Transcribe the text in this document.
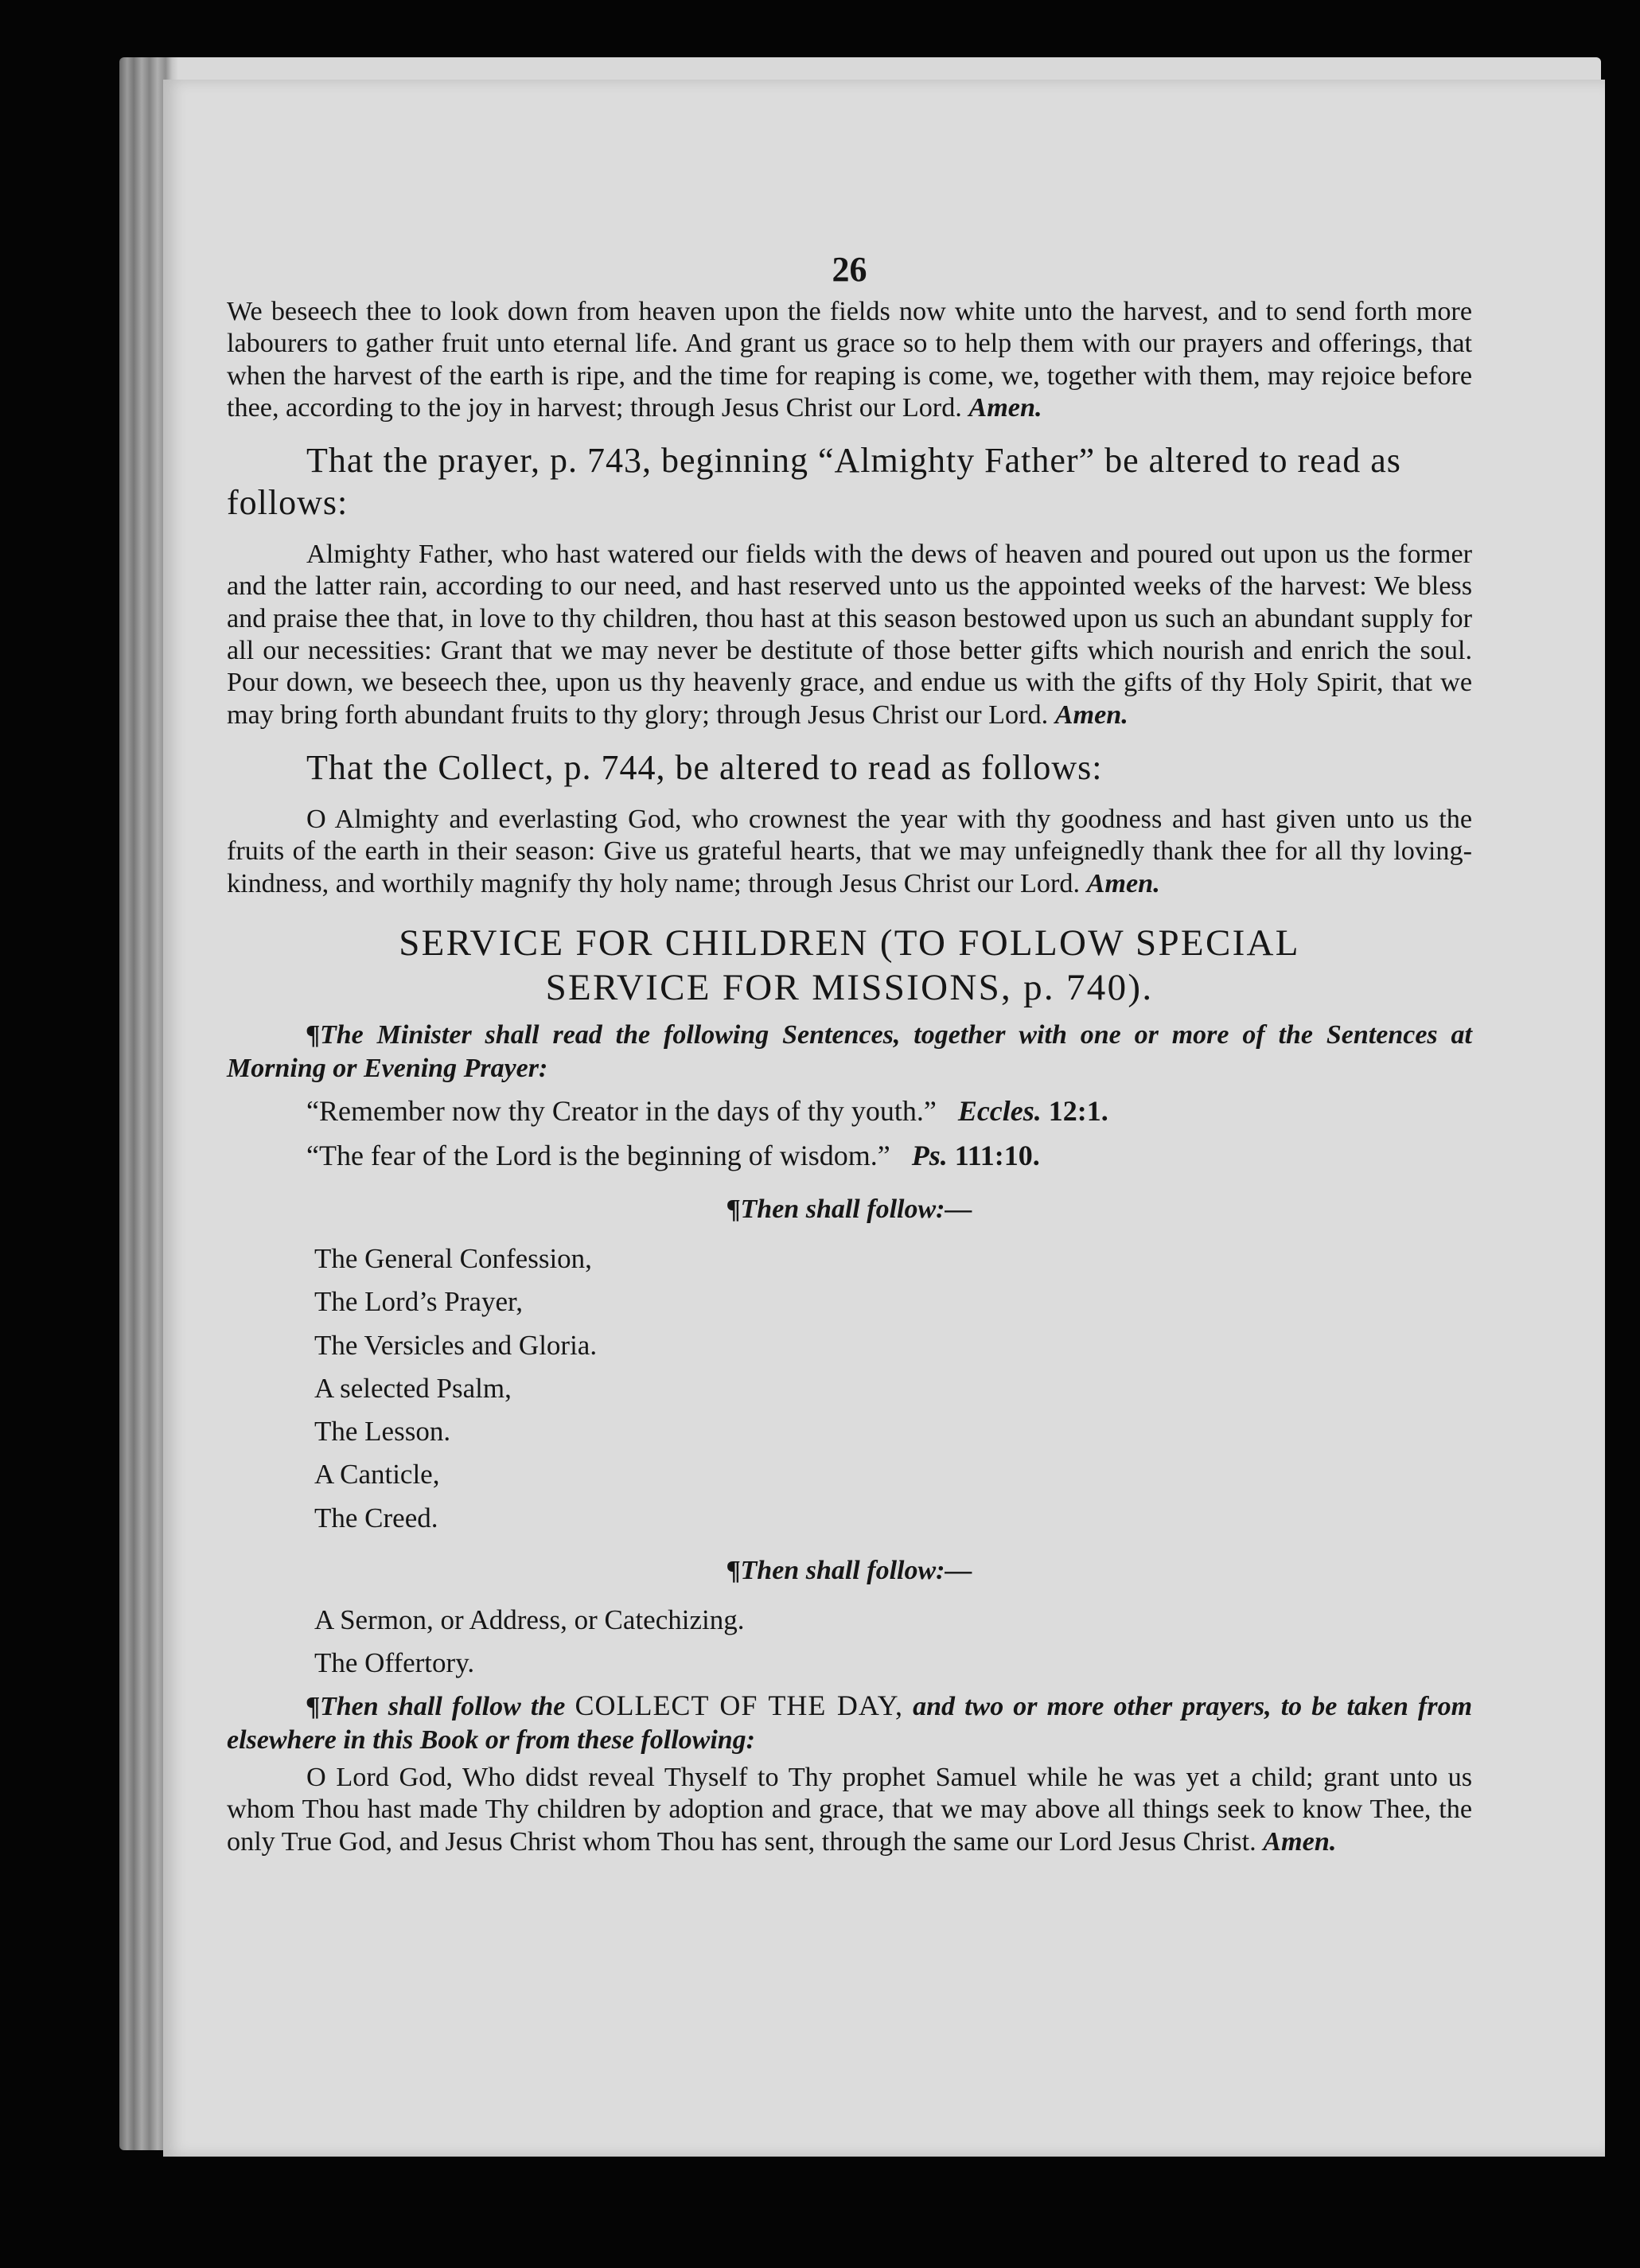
26

We beseech thee to look down from heaven upon the fields now white unto the harvest, and to send forth more labourers to gather fruit unto eternal life. And grant us grace so to help them with our prayers and offerings, that when the harvest of the earth is ripe, and the time for reaping is come, we, together with them, may rejoice before thee, according to the joy in harvest; through Jesus Christ our Lord. Amen.

That the prayer, p. 743, beginning “Almighty Father” be altered to read as follows:

Almighty Father, who hast watered our fields with the dews of heaven and poured out upon us the former and the latter rain, according to our need, and hast reserved unto us the appointed weeks of the harvest: We bless and praise thee that, in love to thy children, thou hast at this season bestowed upon us such an abundant supply for all our necessities: Grant that we may never be destitute of those better gifts which nourish and enrich the soul. Pour down, we beseech thee, upon us thy heavenly grace, and endue us with the gifts of thy Holy Spirit, that we may bring forth abundant fruits to thy glory; through Jesus Christ our Lord. Amen.

That the Collect, p. 744, be altered to read as follows:

O Almighty and everlasting God, who crownest the year with thy goodness and hast given unto us the fruits of the earth in their season: Give us grateful hearts, that we may unfeignedly thank thee for all thy loving-kindness, and worthily magnify thy holy name; through Jesus Christ our Lord. Amen.

SERVICE FOR CHILDREN (TO FOLLOW SPECIAL
SERVICE FOR MISSIONS, p. 740).

¶The Minister shall read the following Sentences, together with one or more of the Sentences at Morning or Evening Prayer:

“Remember now thy Creator in the days of thy youth.” Eccles. 12:1.
“The fear of the Lord is the beginning of wisdom.” Ps. 111:10.
¶Then shall follow:—
The General Confession,
The Lord’s Prayer,
The Versicles and Gloria.
A selected Psalm,
The Lesson.
A Canticle,
The Creed.
¶Then shall follow:—
A Sermon, or Address, or Catechizing.
The Offertory.

¶Then shall follow the COLLECT OF THE DAY, and two or more other prayers, to be taken from elsewhere in this Book or from these following:

O Lord God, Who didst reveal Thyself to Thy prophet Samuel while he was yet a child; grant unto us whom Thou hast made Thy children by adoption and grace, that we may above all things seek to know Thee, the only True God, and Jesus Christ whom Thou has sent, through the same our Lord Jesus Christ. Amen.
